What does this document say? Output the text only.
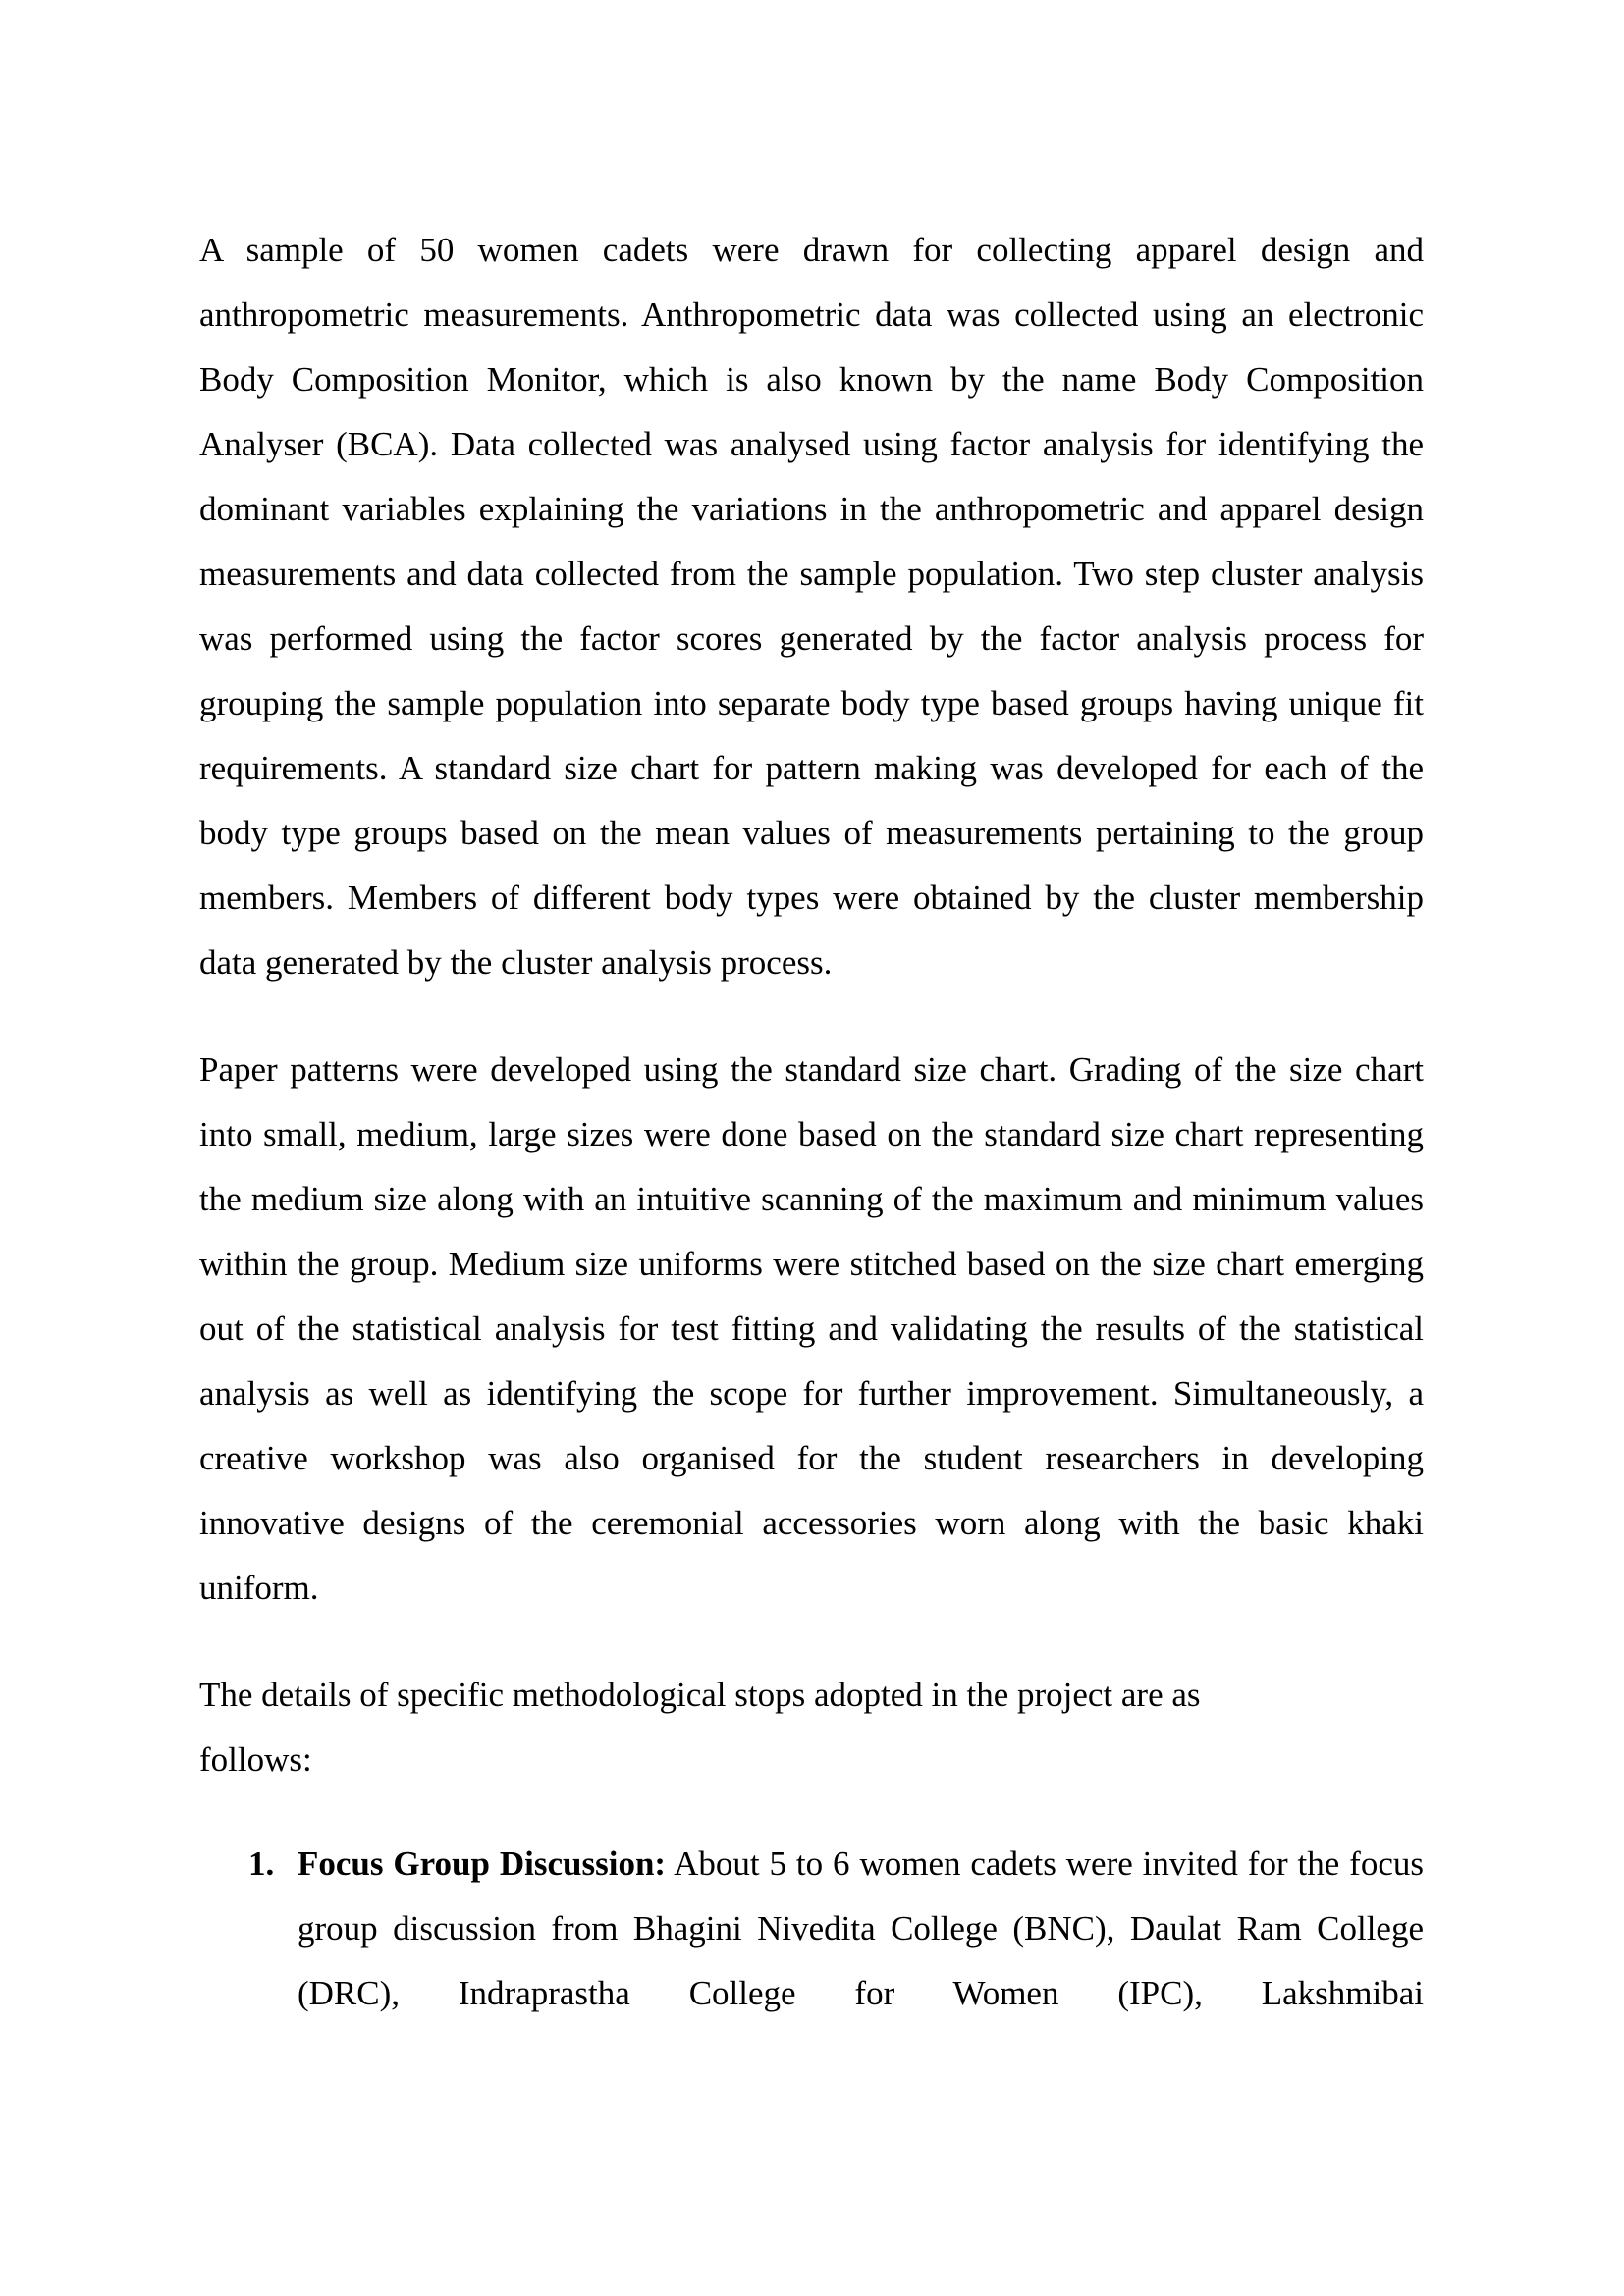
A sample of 50 women cadets were drawn for collecting apparel design and anthropometric measurements. Anthropometric data was collected using an electronic Body Composition Monitor, which is also known by the name Body Composition Analyser (BCA). Data collected was analysed using factor analysis for identifying the dominant variables explaining the variations in the anthropometric and apparel design measurements and data collected from the sample population. Two step cluster analysis was performed using the factor scores generated by the factor analysis process for grouping the sample population into separate body type based groups having unique fit requirements. A standard size chart for pattern making was developed for each of the body type groups based on the mean values of measurements pertaining to the group members. Members of different body types were obtained by the cluster membership data generated by the cluster analysis process.

Paper patterns were developed using the standard size chart. Grading of the size chart into small, medium, large sizes were done based on the standard size chart representing the medium size along with an intuitive scanning of the maximum and minimum values within the group. Medium size uniforms were stitched based on the size chart emerging out of the statistical analysis for test fitting and validating the results of the statistical analysis as well as identifying the scope for further improvement. Simultaneously, a creative workshop was also organised for the student researchers in developing innovative designs of the ceremonial accessories worn along with the basic khaki uniform.

The details of specific methodological stops adopted in the project are as
follows:
1. Focus Group Discussion: About 5 to 6 women cadets were invited for the focus group discussion from Bhagini Nivedita College (BNC), Daulat Ram College (DRC), Indraprastha College for Women (IPC), Lakshmibai
